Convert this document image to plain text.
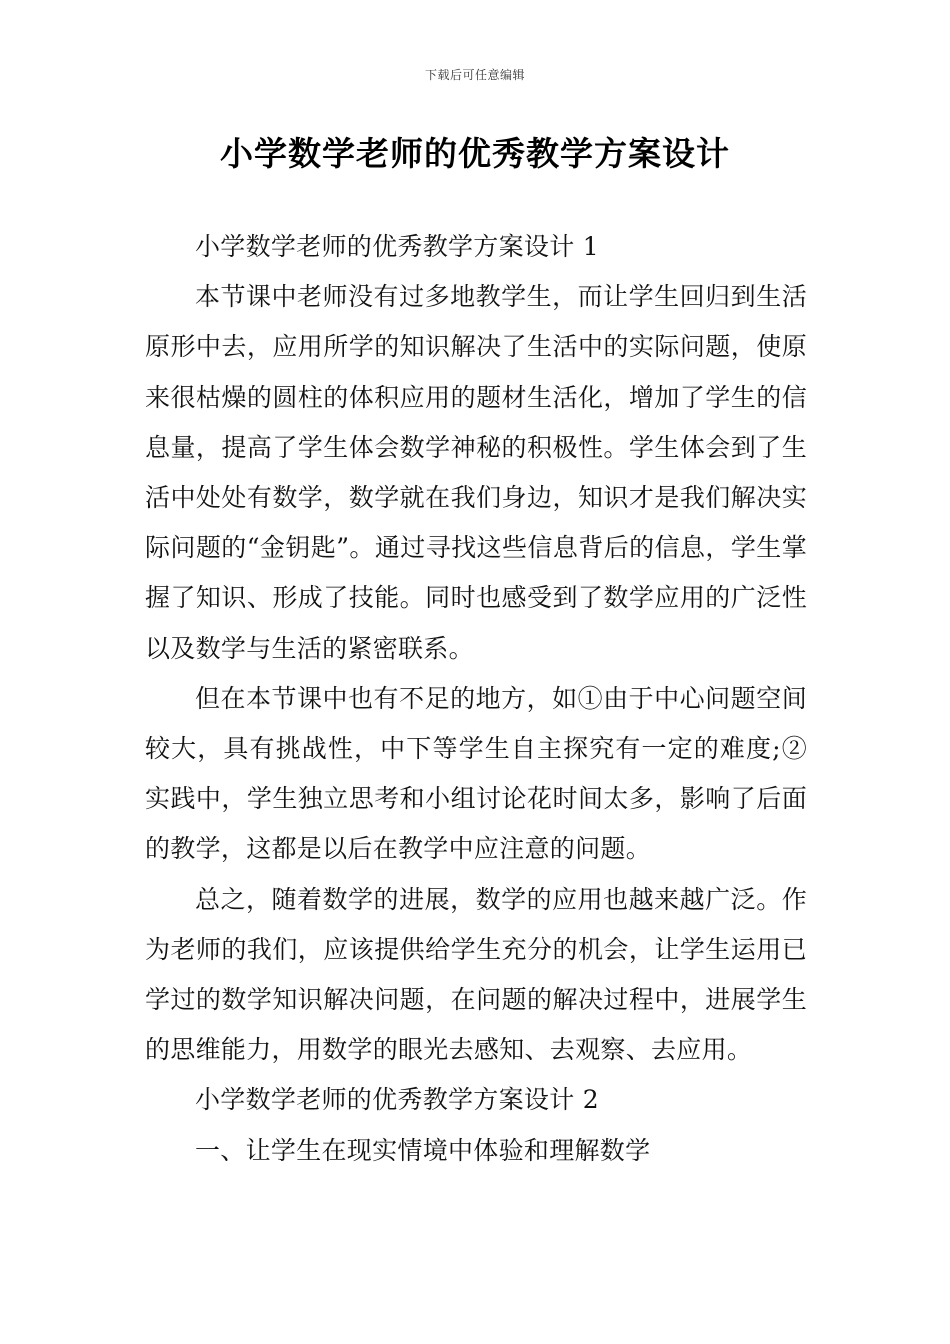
下载后可任意编辑
小学数学老师的优秀教学方案设计

小学数学老师的优秀教学方案设计 1

本节课中老师没有过多地教学生，而让学生回归到生活原形中去，应用所学的知识解决了生活中的实际问题，使原来很枯燥的圆柱的体积应用的题材生活化，增加了学生的信息量，提高了学生体会数学神秘的积极性。学生体会到了生活中处处有数学，数学就在我们身边，知识才是我们解决实际问题的“金钥匙”。通过寻找这些信息背后的信息，学生掌握了知识、形成了技能。同时也感受到了数学应用的广泛性以及数学与生活的紧密联系。

但在本节课中也有不足的地方，如①由于中心问题空间较大，具有挑战性，中下等学生自主探究有一定的难度;② 实践中，学生独立思考和小组讨论花时间太多，影响了后面的教学，这都是以后在教学中应注意的问题。

总之，随着数学的进展，数学的应用也越来越广泛。作为老师的我们，应该提供给学生充分的机会，让学生运用已学过的数学知识解决问题，在问题的解决过程中，进展学生的思维能力，用数学的眼光去感知、去观察、去应用。

小学数学老师的优秀教学方案设计 2

一、让学生在现实情境中体验和理解数学
